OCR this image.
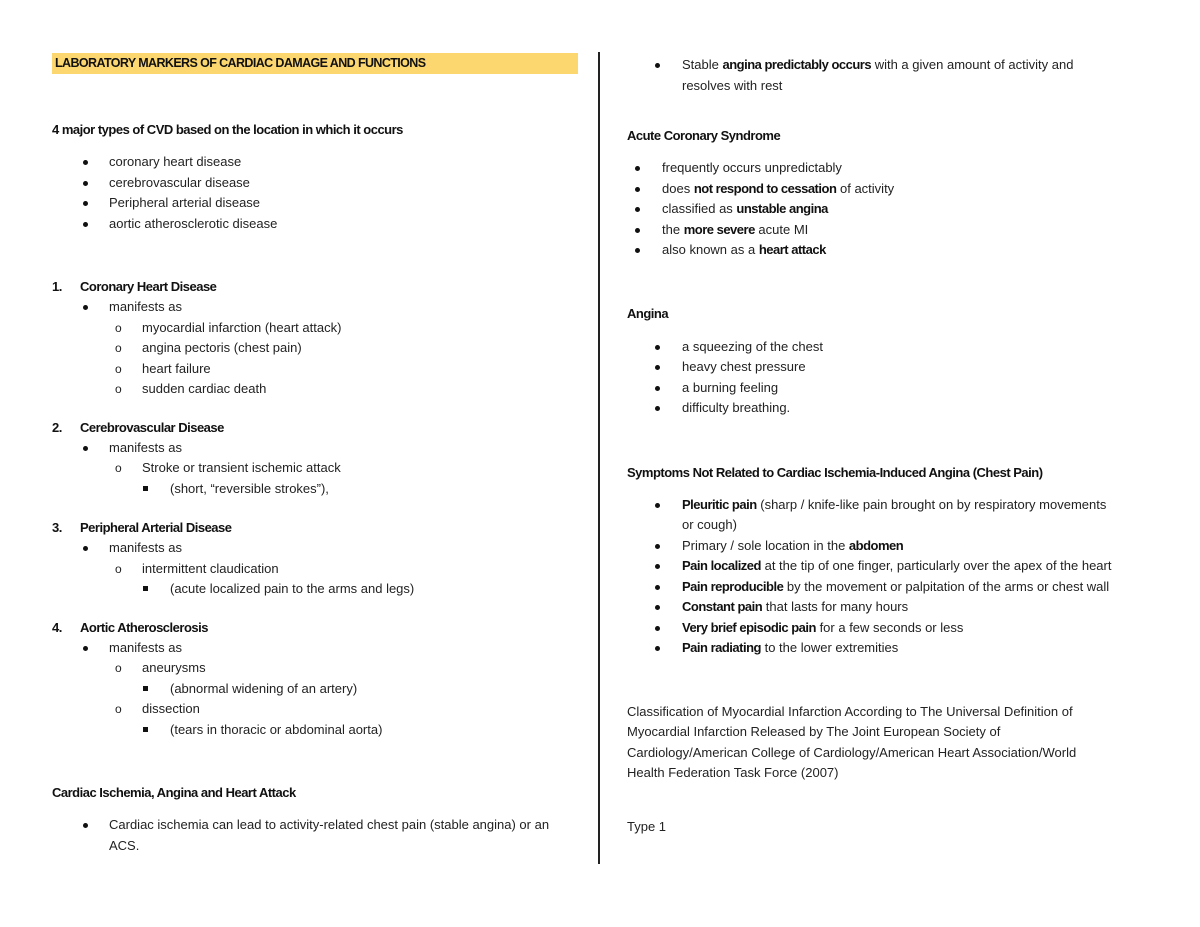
LABORATORY MARKERS OF CARDIAC DAMAGE AND FUNCTIONS

4 major types of CVD based on the location in which it occurs

coronary heart disease
cerebrovascular disease
Peripheral arterial disease
aortic atherosclerotic disease
1.	Coronary Heart Disease
manifests as
o myocardial infarction (heart attack)
o angina pectoris (chest pain)
o heart failure
o sudden cardiac death
2.	Cerebrovascular Disease
manifests as
o Stroke or transient ischemic attack
(short, “reversible strokes”),
3.	Peripheral Arterial Disease
manifests as
o intermittent claudication
(acute localized pain to the arms and legs)
4.	Aortic Atherosclerosis
manifests as
o aneurysms
(abnormal widening of an artery)
o dissection
(tears in thoracic or abdominal aorta)

Cardiac Ischemia, Angina and Heart Attack

Cardiac ischemia can lead to activity-related chest pain (stable angina) or an
ACS.
Stable angina predictably occurs with a given amount of activity and
resolves with rest

Acute Coronary Syndrome

frequently occurs unpredictably
does not respond to cessation of activity
classified as unstable angina
the more severe acute MI
also known as a heart attack

Angina

a squeezing of the chest
heavy chest pressure
a burning feeling
difficulty breathing.

Symptoms Not Related to Cardiac Ischemia-Induced Angina (Chest Pain)

Pleuritic pain (sharp / knife-like pain brought on by respiratory movements
or cough)
Primary / sole location in the abdomen
Pain localized at the tip of one finger, particularly over the apex of the heart
Pain reproducible by the movement or palpitation of the arms or chest wall
Constant pain that lasts for many hours
Very brief episodic pain for a few seconds or less
Pain radiating to the lower extremities

Classification of Myocardial Infarction According to The Universal Definition of

Myocardial Infarction Released by The Joint European Society of

Cardiology/American College of Cardiology/American Heart Association/World

Health Federation Task Force (2007)

Type 1
